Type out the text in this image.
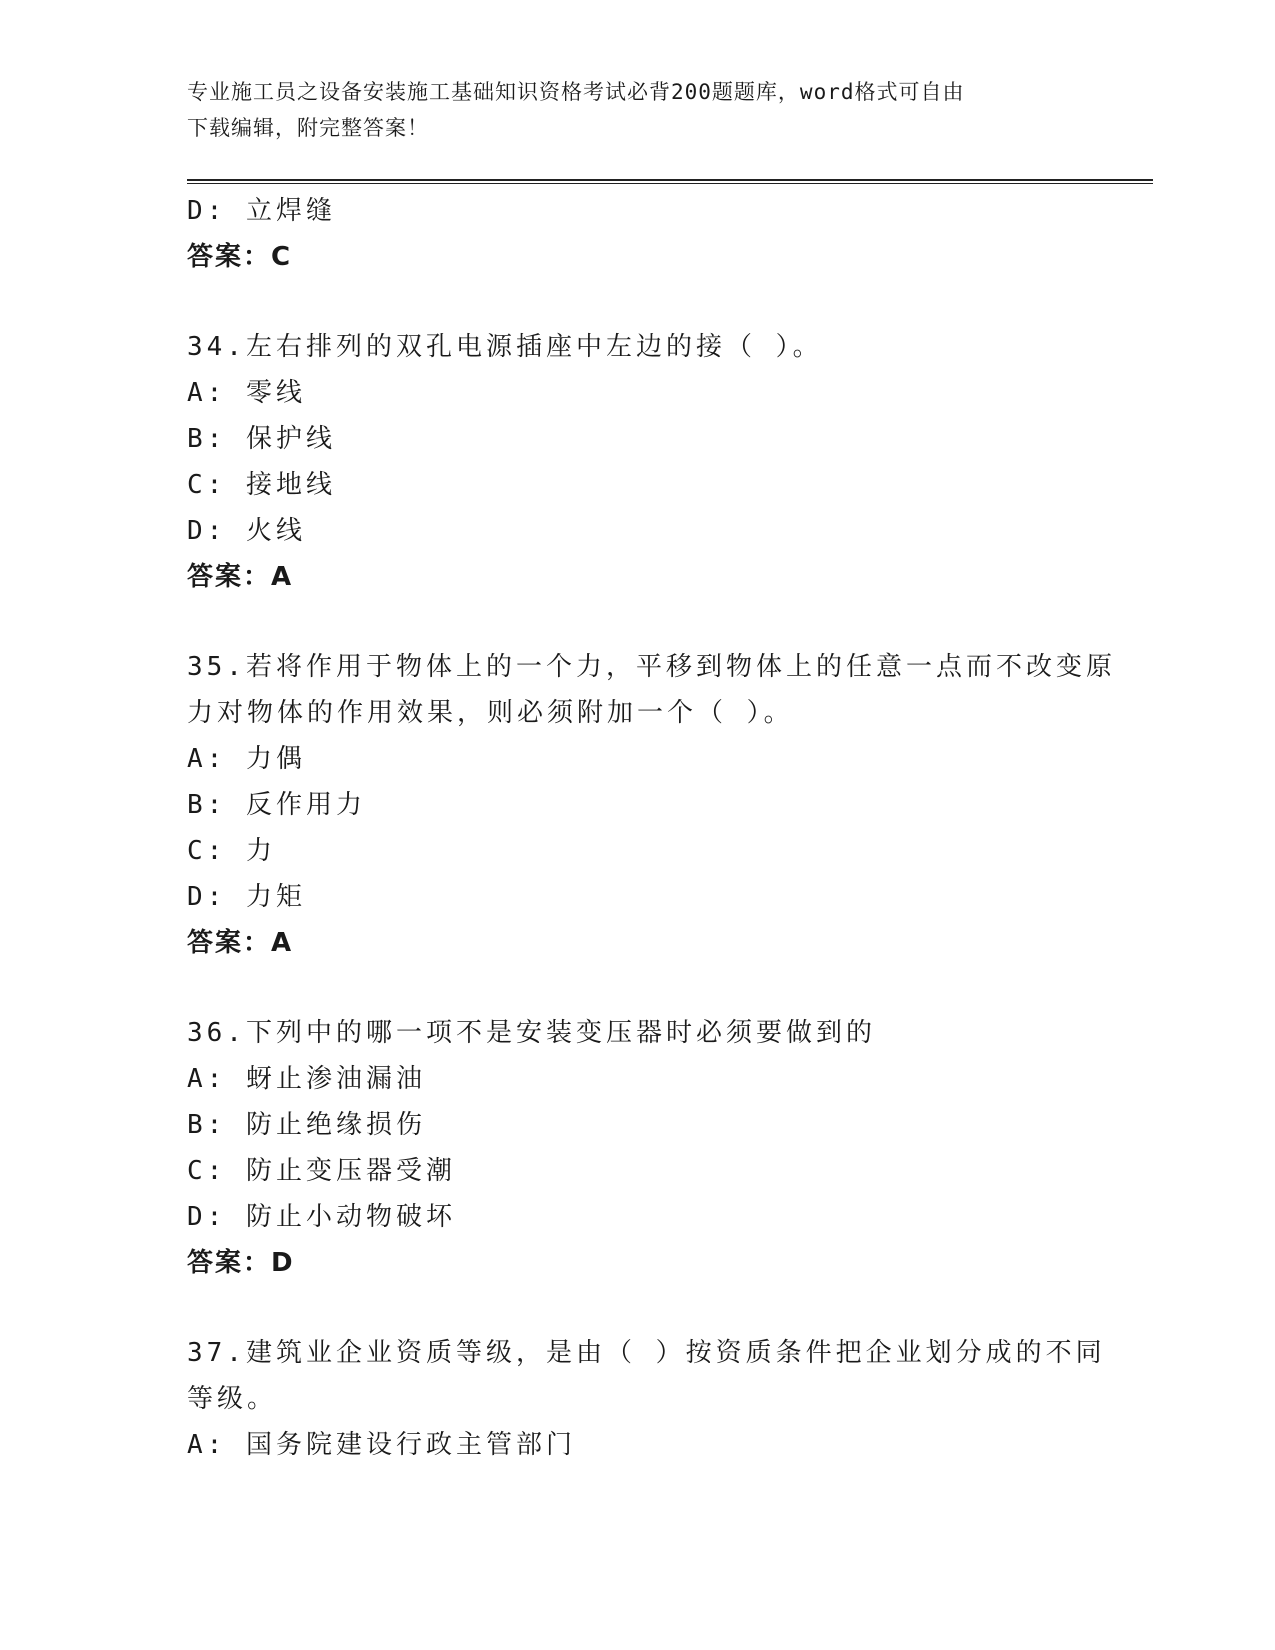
专业施工员之设备安装施工基础知识资格考试必背200题题库，word格式可自由
下载编辑，附完整答案！
D: 立焊缝
答案：C
34.左右排列的双孔电源插座中左边的接（ ）。
A: 零线
B: 保护线
C: 接地线
D: 火线
答案：A
35.若将作用于物体上的一个力，平移到物体上的任意一点而不改变原
力对物体的作用效果，则必须附加一个（ ）。
A: 力偶
B: 反作用力
C: 力
D: 力矩
答案：A
36.下列中的哪一项不是安装变压器时必须要做到的
A: 蚜止渗油漏油
B: 防止绝缘损伤
C: 防止变压器受潮
D: 防止小动物破坏
答案：D
37.建筑业企业资质等级，是由（ ）按资质条件把企业划分成的不同
等级。
A: 国务院建设行政主管部门
